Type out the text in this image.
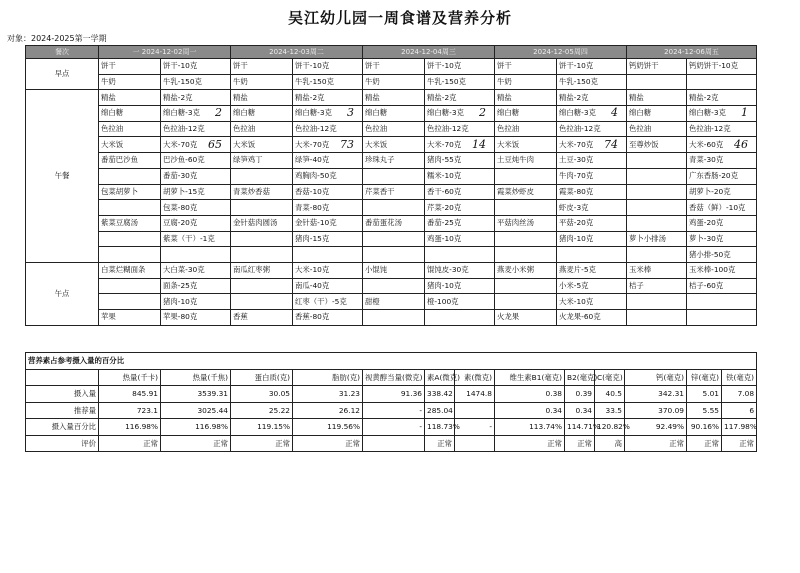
吴江幼儿园一周食谱及营养分析
对象：2024-2025第一学期
餐次	一 2024-12-02周一		2024-12-03周二		2024-12-04周三		2024-12-05周四		2024-12-06周五	
早点	饼干	饼干-10克	饼干	饼干-10克	饼干	饼干-10克	饼干	饼干-10克	钙奶饼干	钙奶饼干-10克
	牛奶	牛乳-150克	牛奶	牛乳-150克	牛奶	牛乳-150克	牛奶	牛乳-150克		
午餐	精盐	精盐-2克	精盐	精盐-2克	精盐	精盐-2克	精盐	精盐-2克	精盐	精盐-2克
	绵白糖	绵白糖-3克 2	绵白糖	绵白糖-3克 3	绵白糖	绵白糖-3克 2	绵白糖	绵白糖-3克 4	绵白糖	绵白糖-3克 1

	色拉油	色拉油-12克	色拉油	色拉油-12克	色拉油	色拉油-12克	色拉油	色拉油-12克	色拉油	色拉油-12克
	大米饭	大米-70克 65	大米饭	大米-70克 73	大米饭	大米-70克 14	大米饭	大米-70克 74	至尊炒饭	大米-60克 46

	番茄巴沙鱼	巴沙鱼-60克	绿笋鸡丁	绿笋-40克	珍珠丸子	猪肉-55克	土豆炖牛肉	土豆-30克		青菜-30克
		番茄-30克		鸡胸肉-50克		糯米-10克		牛肉-70克		广东香肠-20克
	包菜胡萝卜	胡萝卜-15克	青菜炒香菇	香菇-10克	芹菜香干	香干-60克	霞菜炒虾皮	霞菜-80克		胡萝卜-20克
		包菜-80克		青菜-80克		芹菜-20克		虾皮-3克		香菇（鲜）-10克
	紫菜豆腐汤	豆腐-20克	金针菇肉圆汤	金针菇-10克	番茄蛋花汤	番茄-25克	平菇肉丝汤	平菇-20克		鸡蛋-20克
		紫菜（干）-1克		猪肉-15克		鸡蛋-10克		猪肉-10克	萝卜小排汤	萝卜-30克
										猪小排-50克
午点	白菜烂糊面条	大白菜-30克	南瓜红枣粥	大米-10克	小馄饨	馄饨皮-30克	燕麦小米粥	燕麦片-5克	玉米棒	玉米棒-100克
		面条-25克		南瓜-40克		猪肉-10克		小米-5克	桔子	桔子-60克
		猪肉-10克		红枣（干）-5克	甜橙	橙-100克		大米-10克		
	苹果	苹果-80克	香蕉	香蕉-80克			火龙果	火龙果-60克		
营养素占参考摄入量的百分比													
	热量(千卡)	热量(千焦)	蛋白质(克)	脂肪(克)	视黄醇当量(微克)	素A(微克)	素(微克)	维生素B1(毫克)	B2(毫克)	C(毫克)	钙(毫克)	锌(毫克)	铁(毫克)
摄入量	845.91	3539.31	30.05	31.23	91.36	338.42	1474.8	0.38	0.39	40.5	342.31	5.01	7.08
推荐量	723.1	3025.44	25.22	26.12	-	285.04		0.34	0.34	33.5	370.09	5.55	6
摄入量百分比	116.98%	116.98%	119.15%	119.56%	-	118.73%	-	113.74%	114.71%	120.82%	92.49%	90.16%	117.98%
评价	正常	正常	正常	正常		正常		正常	正常	高	正常	正常	正常
